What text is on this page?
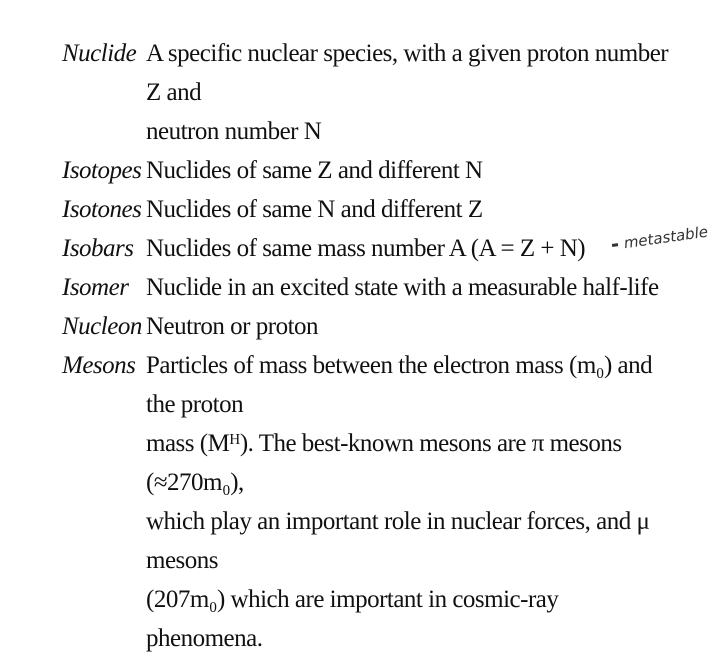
Nuclide A specific nuclear species, with a given proton number Z and
neutron number N
Isotopes Nuclides of same Z and different N
Isotones Nuclides of same N and different Z
Isobars Nuclides of same mass number A (A = Z + N)
Isomer Nuclide in an excited state with a measurable half-life
Nucleon Neutron or proton
Mesons Particles of mass between the electron mass (m₀) and the proton
mass (Mᴴ). The best-known mesons are π mesons (≈270m₀),
which play an important role in nuclear forces, and μ mesons
(207m₀) which are important in cosmic-ray phenomena.
metastable
